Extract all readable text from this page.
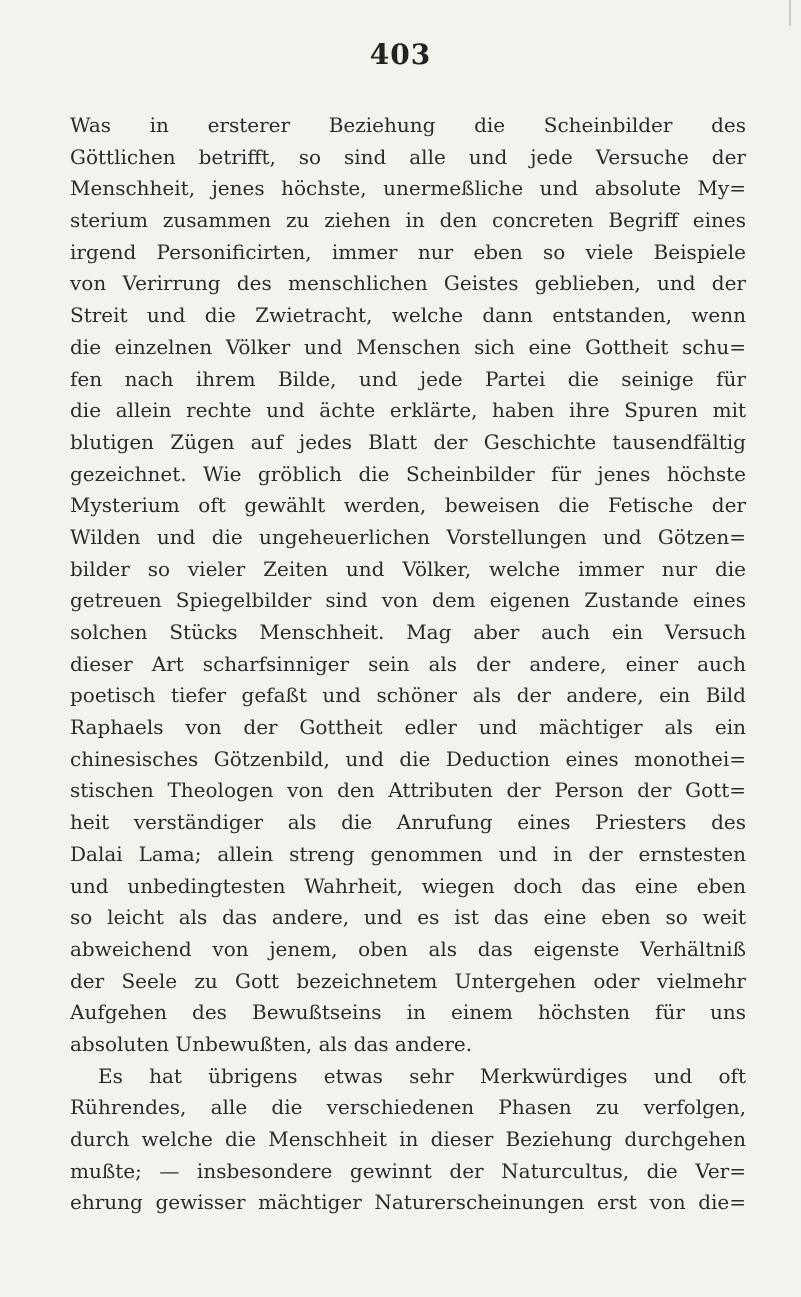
403
Was in ersterer Beziehung die Scheinbilder des
Göttlichen betrifft, so sind alle und jede Versuche der
Menschheit, jenes höchste, unermeßliche und absolute My=
sterium zusammen zu ziehen in den concreten Begriff eines
irgend Personificirten, immer nur eben so viele Beispiele
von Verirrung des menschlichen Geistes geblieben, und der
Streit und die Zwietracht, welche dann entstanden, wenn
die einzelnen Völker und Menschen sich eine Gottheit schu=
fen nach ihrem Bilde, und jede Partei die seinige für
die allein rechte und ächte erklärte, haben ihre Spuren mit
blutigen Zügen auf jedes Blatt der Geschichte tausendfältig
gezeichnet. Wie gröblich die Scheinbilder für jenes höchste
Mysterium oft gewählt werden, beweisen die Fetische der
Wilden und die ungeheuerlichen Vorstellungen und Götzen=
bilder so vieler Zeiten und Völker, welche immer nur die
getreuen Spiegelbilder sind von dem eigenen Zustande eines
solchen Stücks Menschheit. Mag aber auch ein Versuch
dieser Art scharfsinniger sein als der andere, einer auch
poetisch tiefer gefaßt und schöner als der andere, ein Bild
Raphaels von der Gottheit edler und mächtiger als ein
chinesisches Götzenbild, und die Deduction eines monothei=
stischen Theologen von den Attributen der Person der Gott=
heit verständiger als die Anrufung eines Priesters des
Dalai Lama; allein streng genommen und in der ernstesten
und unbedingtesten Wahrheit, wiegen doch das eine eben
so leicht als das andere, und es ist das eine eben so weit
abweichend von jenem, oben als das eigenste Verhältniß
der Seele zu Gott bezeichnetem Untergehen oder vielmehr
Aufgehen des Bewußtseins in einem höchsten für uns
absoluten Unbewußten, als das andere.
Es hat übrigens etwas sehr Merkwürdiges und oft
Rührendes, alle die verschiedenen Phasen zu verfolgen,
durch welche die Menschheit in dieser Beziehung durchgehen
mußte; — insbesondere gewinnt der Naturcultus, die Ver=
ehrung gewisser mächtiger Naturerscheinungen erst von die=
